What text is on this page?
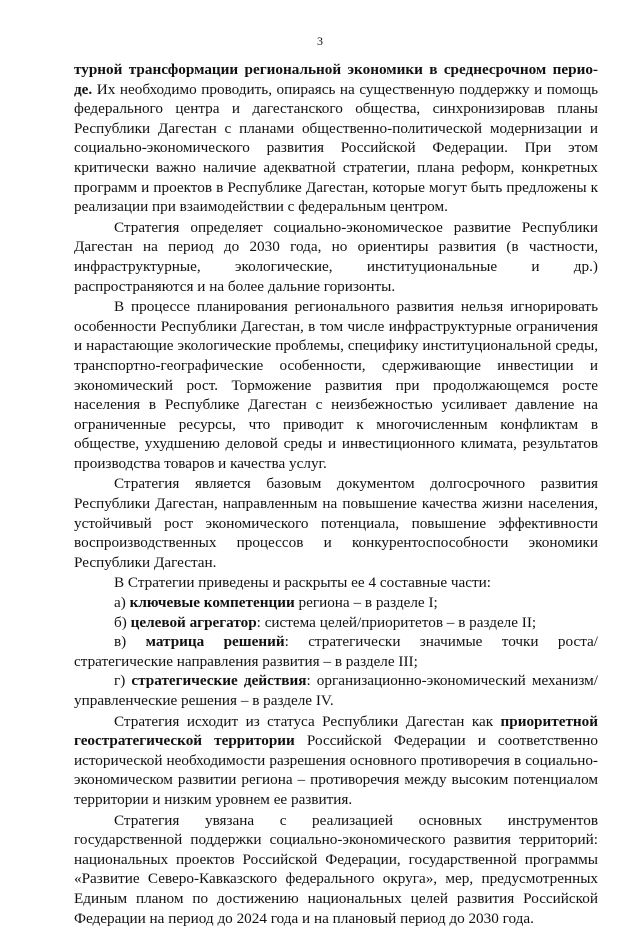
3

турной трансформации региональной экономики в среднесрочном перио-де. Их необходимо проводить, опираясь на существенную поддержку и помощь федерального центра и дагестанского общества, синхронизировав планы Республики Дагестан с планами общественно-политической модернизации и социально-экономического развития Российской Федерации. При этом критически важно наличие адекватной стратегии, плана реформ, конкретных программ и проектов в Республике Дагестан, которые могут быть предложены к реализации при взаимодействии с федеральным центром.

Стратегия определяет социально-экономическое развитие Республики Дагестан на период до 2030 года, но ориентиры развития (в частности, инфраструктурные, экологические, институциональные и др.) распространяются и на более дальние горизонты.

В процессе планирования регионального развития нельзя игнорировать особенности Республики Дагестан, в том числе инфраструктурные ограничения и нарастающие экологические проблемы, специфику институциональной среды, транспортно-географические особенности, сдерживающие инвестиции и экономический рост. Торможение развития при продолжающемся росте населения в Республике Дагестан с неизбежностью усиливает давление на ограниченные ресурсы, что приводит к многочисленным конфликтам в обществе, ухудшению деловой среды и инвестиционного климата, результатов производства товаров и качества услуг.

Стратегия является базовым документом долгосрочного развития Республики Дагестан, направленным на повышение качества жизни населения, устойчивый рост экономического потенциала, повышение эффективности воспроизводственных процессов и конкурентоспособности экономики Республики Дагестан.

В Стратегии приведены и раскрыты ее 4 составные части:

а) ключевые компетенции региона – в разделе I;

б) целевой агрегатор: система целей/приоритетов – в разделе II;

в) матрица решений: стратегически значимые точки роста/стратегические направления развития – в разделе III;

г) стратегические действия: организационно-экономический механизм/управленческие решения – в разделе IV.

Стратегия исходит из статуса Республики Дагестан как приоритетной геостратегической территории Российской Федерации и соответственно исторической необходимости разрешения основного противоречия в социально-экономическом развитии региона – противоречия между высоким потенциалом территории и низким уровнем ее развития.

Стратегия увязана с реализацией основных инструментов государственной поддержки социально-экономического развития территорий: национальных проектов Российской Федерации, государственной программы «Развитие Северо-Кавказского федерального округа», мер, предусмотренных Единым планом по достижению национальных целей развития Российской Федерации на период до 2024 года и на плановый период до 2030 года.
